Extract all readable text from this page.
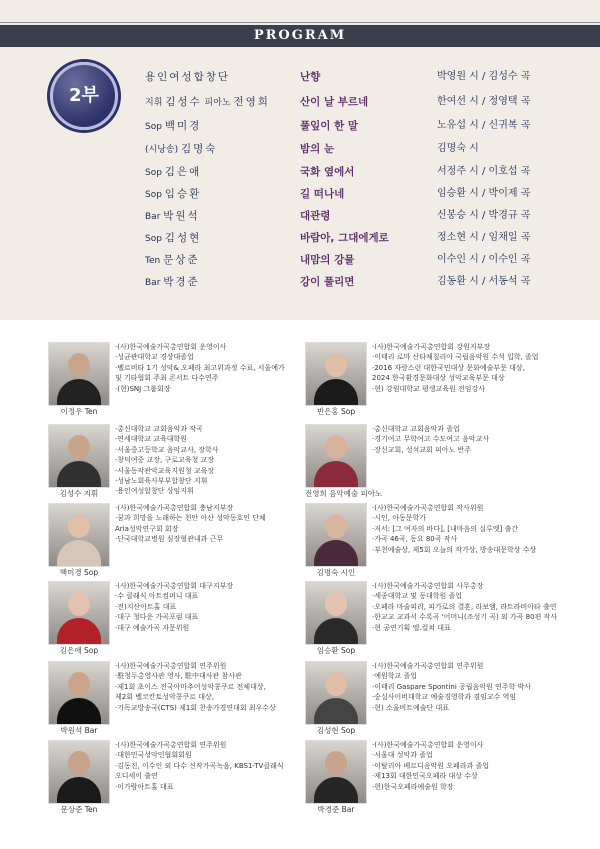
PROGRAM
2부
용인여성합창단	난향	박영원 시 / 김성수 곡
지휘 김성수 피아노 전영희	산이 날 부르네	한여선 시 / 정영택 곡
Sop 백미경	풀잎이 한 말	노유섭 시 / 신귀복 곡
(시낭송) 김명숙	밤의 눈	김명숙 시
Sop 김은애	국화 옆에서	서정주 시 / 이호섭 곡
Sop 임승환	길 떠나네	임승환 시 / 박이제 곡
Bar 박원석	대관령	신봉승 시 / 박경규 곡
Sop 김성현	바람아, 그대에게로	정소현 시 / 임채일 곡
Ten 문상준	내맘의 강물	이수인 시 / 이수인 곡
Bar 박경준	강이 풀리면	김동환 시 / 서동석 곡
이정우 Ten
·(사)한국예술가곡총연합회 운영이사
·성균관대학교 경상대졸업
·벨르비타 1기 성악& 오페라 최고위과정 수료, 서울예가
및 기타협회 주최 콘서트 다수연주
·(현)SNJ 그룹회장
빈은홍 Sop
·(사)한국예술가곡총연합회 강원지부장
·이태리 로마 산타체칠리아 국립음악원 수석 입학, 졸업
·2016 자랑스런 대한국민대상 문화예술부문 대상,
2024 한국환경문화대상 성악교육부문 대상
·현) 강원대학교 평생교육원 전임강사
김성수 지휘
·총신대학교 교회음악과 작곡
·연세대학교 교육대학원
·서울중고등학교 음악교사, 장학사
·창덕여중 교장, 구로교육청 교장
·서울동작관악교육지원청 교육장
·성남노회육사부부합창단 지휘
·용인여성합창단 상임지휘	전영희 음악예술 피아노
·총신대학교 교회음악과 졸업
·경기여고 무학여고 수도여고 음악교사
·장신교회, 성석교회 피아노 반주
백미경 Sop
·(사)한국예술가곡총연합회 충남지부장
·꿈과 희망을 노래하는 천안 아산 성악동호인 단체
Aria성악연구회 회장
·단국대학교병원 심장혈관내과 근무
김명숙 시인
·(사)한국예술가곡총연합회 작사위원
·시인, 아동문학가
·저서: [그 여자의 바다], [내마음의 실루엣] 출간
·가곡 46곡, 동요 80곡 작사
·부천예술상, 제5회 오늘의 작가상, 방송대문학상 수상
김은애 Sop
·(사)한국예술가곡총연합회 대구지부장
·수 클래식 아트컴퍼니 대표
·전)지산아트홀 대표
·대구 청다운 가곡포럼 대표
·대구 예술가곡 자문위원
임승환 Sop
·(사)한국예술가곡총연합회 사무총장
·세종대학교 및 동대학원 졸업
·오페라 마술피리, 피가로의 결혼, 라보엠, 라트라비아타 출연
·한교교 교과서 수록곡 '어머니(조성기 곡) 외 가곡 80편 작사
·현 공연기획 엘.컬쳐 대표
박원석 Bar
·(사)한국예술가곡총연합회 연주위원
·駐청두총영사관 영사, 駐中대사관 참사관
·제1회 초이스 전국아마추어성악콩쿠르 전체대상,
제2회 벨코칸토성악콩쿠르 대상,
·기독교방송국(CTS) 제1회 찬송가경연대회 최우수상
김성현 Sop
·(사)한국예술가곡총연합회 연주위원
·예원학교 졸업
·이태리 Gaspare Spontini 공립음악원 연주학 박사
·숭실사이버대학교 예술경영학과 겸임교수 역임
·현) 소울비트예술단 대표
문상준 Ten
·(사)한국예술가곡총연합회 연주위원
·대한민국성악인협회회원
·김동진, 이수인 외 다수 신작가곡녹음, KBS1-TV클래식
오디세이 출연
·이가람아트홀 대표
박경준 Bar
·(사)한국예술가곡총연합회 운영이사
·서울대 성악과 졸업
·이탈리아 베르디음악원 오페라과 졸업
·제13회 대한민국오페라 대상 수상
·현)한국오페라예술원 학장
